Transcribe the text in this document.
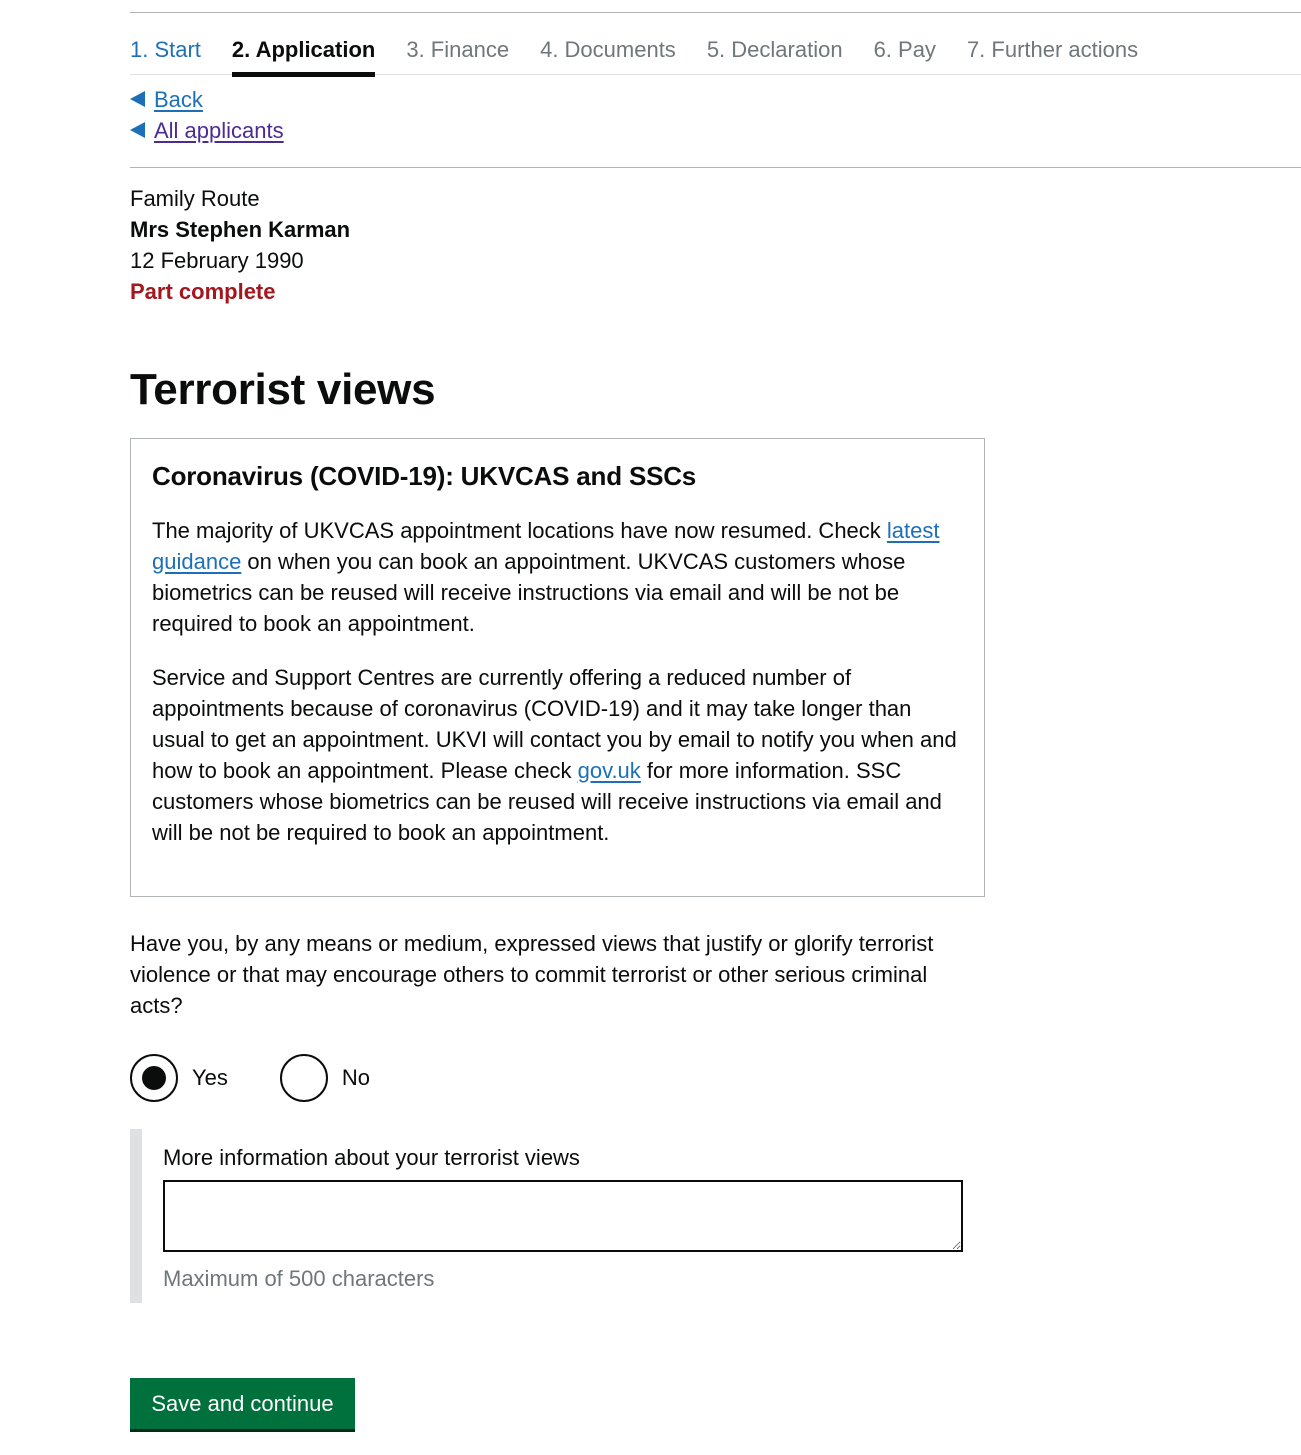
1. Start 2. Application 3. Finance 4. Documents 5. Declaration 6. Pay 7. Further actions
Back
All applicants
Family Route
Mrs Stephen Karman
12 February 1990
Part complete
Terrorist views
Coronavirus (COVID-19): UKVCAS and SSCs

The majority of UKVCAS appointment locations have now resumed. Check latest guidance on when you can book an appointment. UKVCAS customers whose biometrics can be reused will receive instructions via email and will be not be required to book an appointment.

Service and Support Centres are currently offering a reduced number of appointments because of coronavirus (COVID-19) and it may take longer than usual to get an appointment. UKVI will contact you by email to notify you when and how to book an appointment. Please check gov.uk for more information. SSC customers whose biometrics can be reused will receive instructions via email and will be not be required to book an appointment.

Have you, by any means or medium, expressed views that justify or glorify terrorist violence or that may encourage others to commit terrorist or other serious criminal acts?
Yes	No
More information about your terrorist views
Maximum of 500 characters
Save and continue
